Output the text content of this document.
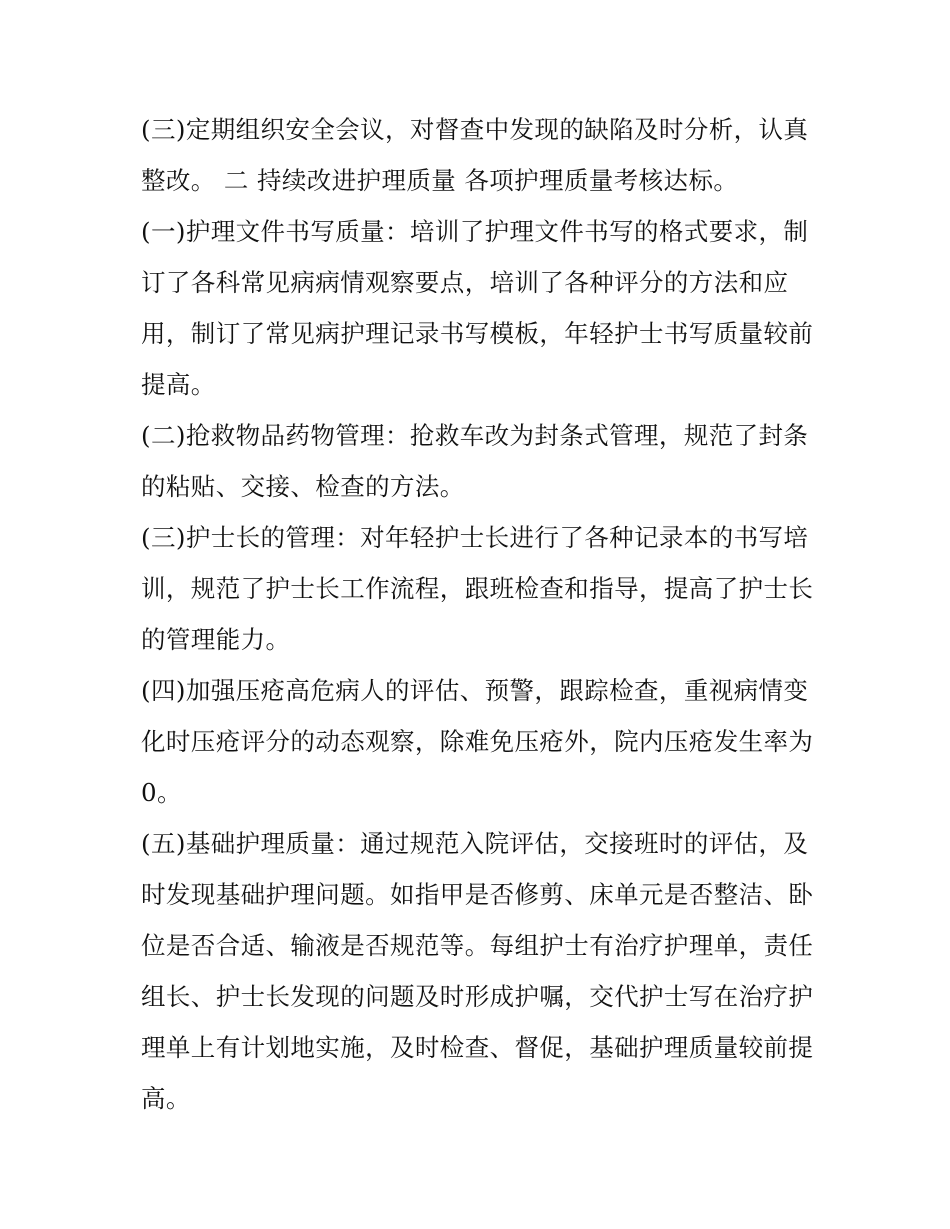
(三)定期组织安全会议，对督查中发现的缺陷及时分析，认真
整改。 二 持续改进护理质量 各项护理质量考核达标。
(一)护理文件书写质量：培训了护理文件书写的格式要求，制
订了各科常见病病情观察要点，培训了各种评分的方法和应
用，制订了常见病护理记录书写模板，年轻护士书写质量较前
提高。
(二)抢救物品药物管理：抢救车改为封条式管理，规范了封条
的粘贴、交接、检查的方法。
(三)护士长的管理：对年轻护士长进行了各种记录本的书写培
训，规范了护士长工作流程，跟班检查和指导，提高了护士长
的管理能力。
(四)加强压疮高危病人的评估、预警，跟踪检查，重视病情变
化时压疮评分的动态观察，除难免压疮外，院内压疮发生率为
0。
(五)基础护理质量：通过规范入院评估，交接班时的评估，及
时发现基础护理问题。如指甲是否修剪、床单元是否整洁、卧
位是否合适、输液是否规范等。每组护士有治疗护理单，责任
组长、护士长发现的问题及时形成护嘱，交代护士写在治疗护
理单上有计划地实施，及时检查、督促，基础护理质量较前提
高。
